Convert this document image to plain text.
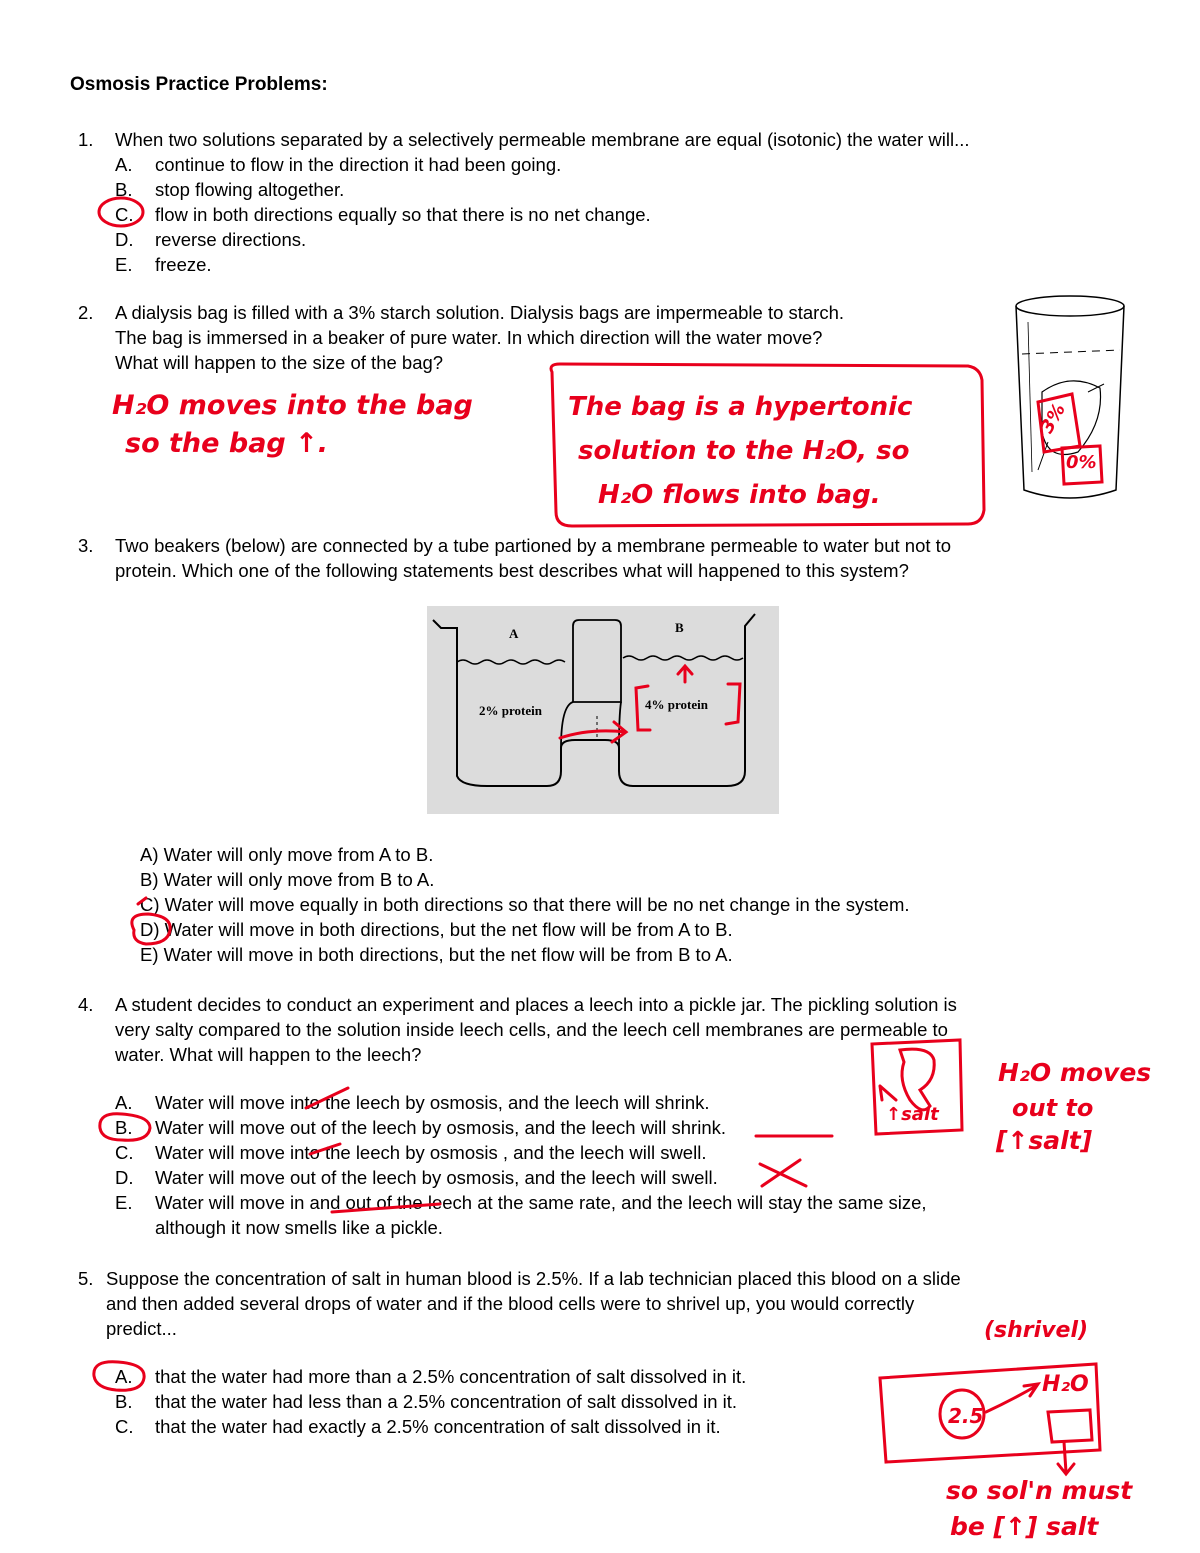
Osmosis Practice Problems:
1. When two solutions separated by a selectively permeable membrane are equal (isotonic) the water will...
A.	continue to flow in the direction it had been going.
B.	stop flowing altogether.
C.	flow in both directions equally so that there is no net change.
D.	reverse directions.
E.	freeze.
2. A dialysis bag is filled with a 3% starch solution. Dialysis bags are impermeable to starch.
The bag is immersed in a beaker of pure water. In which direction will the water move?
What will happen to the size of the bag?
H₂O moves into the bag
so the bag ↑.
The bag is a hypertonic
solution to the H₂O, so
H₂O flows into bag.
3%
0%
3. Two beakers (below) are connected by a tube partioned by a membrane permeable to water but not to
protein. Which one of the following statements best describes what will happened to this system?
A	B
2% protein	4% protein
A) Water will only move from A to B.
B) Water will only move from B to A.
C) Water will move equally in both directions so that there will be no net change in the system.
D) Water will move in both directions, but the net flow will be from A to B.
E) Water will move in both directions, but the net flow will be from B to A.
4. A student decides to conduct an experiment and places a leech into a pickle jar. The pickling solution is
very salty compared to the solution inside leech cells, and the leech cell membranes are permeable to
water. What will happen to the leech?
A.	Water will move into the leech by osmosis, and the leech will shrink.
B.	Water will move out of the leech by osmosis, and the leech will shrink.
C.	Water will move into the leech by osmosis , and the leech will swell.
D.	Water will move out of the leech by osmosis, and the leech will swell.
E.	Water will move in and out of the leech at the same rate, and the leech will stay the same size,
although it now smells like a pickle.
↑salt
H₂O moves
out to
[↑salt]
5. Suppose the concentration of salt in human blood is 2.5%. If a lab technician placed this blood on a slide
and then added several drops of water and if the blood cells were to shrivel up, you would correctly
predict...
A.	that the water had more than a 2.5% concentration of salt dissolved in it.
B.	that the water had less than a 2.5% concentration of salt dissolved in it.
C.	that the water had exactly a 2.5% concentration of salt dissolved in it.
(shrivel)
2.5
H₂O
so sol'n must
be [↑] salt
